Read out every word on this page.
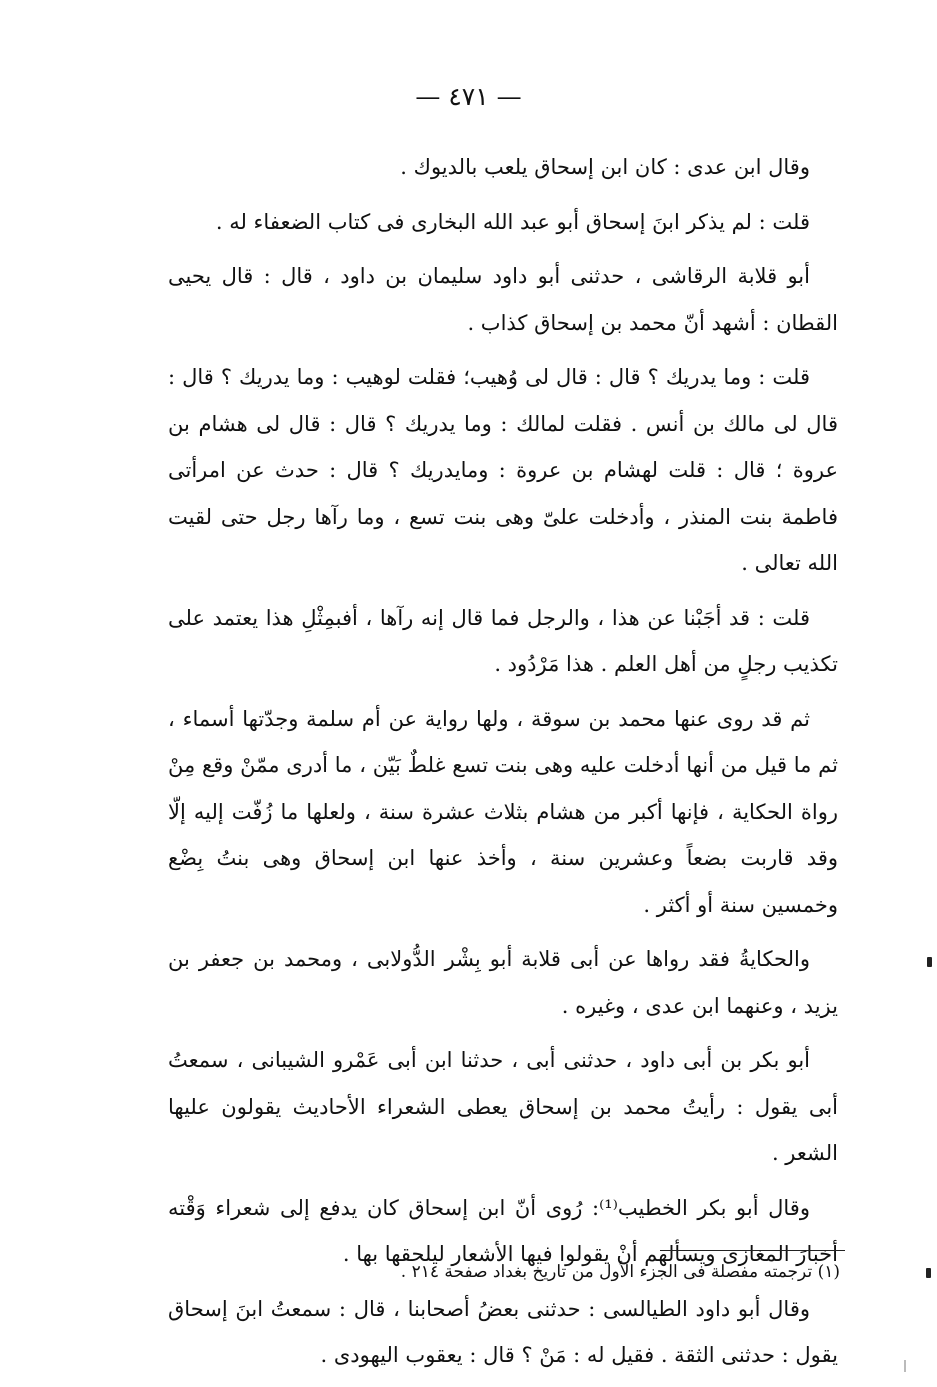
— ٤٧١ —

وقال ابن عدى : كان ابن إسحاق يلعب بالديوك .

قلت : لم يذكر ابنَ إسحاق أبو عبد الله البخارى فى كتاب الضعفاء له .

أبو قلابة الرقاشى ، حدثنى أبو داود سليمان بن داود ، قال : قال يحيى القطان : أشهد أنّ محمد بن إسحاق كذاب .

قلت : وما يدريك ؟ قال : قال لى وُهيب؛ فقلت لوهيب : وما يدريك ؟ قال : قال لى مالك بن أنس . فقلت لمالك : وما يدريك ؟ قال : قال لى هشام بن عروة ؛ قال : قلت لهشام بن عروة : ومايدريك ؟ قال : حدث عن امرأتى فاطمة بنت المنذر ، وأدخلت علىّ وهى بنت تسع ، وما رآها رجل حتى لقيت الله تعالى .

قلت : قد أجَبْنا عن هذا ، والرجل فما قال إنه رآها ، أفبمِثْلِ هذا يعتمد على تكذيب رجلٍ من أهل العلم . هذا مَرْدُود .

ثم قد روى عنها محمد بن سوقة ، ولها رواية عن أم سلمة وجدّتها أسماء ، ثم ما قيل من أنها أدخلت عليه وهى بنت تسع غلطٌ بَيّن ، ما أدرى ممّنْ وقع مِنْ رواة الحكاية ، فإنها أكبر من هشام بثلاث عشرة سنة ، ولعلها ما زُفّت إليه إلّا وقد قاربت بضعاً وعشرين سنة ، وأخذ عنها ابن إسحاق وهى بنتُ بِضْع وخمسين سنة أو أكثر .

والحكايةُ فقد رواها عن أبى قلابة أبو بِشْر الدُّولابى ، ومحمد بن جعفر بن يزيد ، وعنهما ابن عدى ، وغيره .

أبو بكر بن أبى داود ، حدثنى أبى ، حدثنا ابن أبى عَمْرو الشيبانى ، سمعتُ أبى يقول : رأيتُ محمد بن إسحاق يعطى الشعراء الأحاديث يقولون عليها الشعر .

وقال أبو بكر الخطيب⁽¹⁾: رُوى أنّ ابن إسحاق كان يدفع إلى شعراء وَقْته أخبارَ المغازى ويسألهم أنْ يقولوا فيها الأشعار ليلحقها بها .

وقال أبو داود الطيالسى : حدثنى بعضُ أصحابنا ، قال : سمعتُ ابنَ إسحاق يقول : حدثنى الثقة . فقيل له : مَنْ ؟ قال : يعقوب اليهودى .

(١) ترجمته مفصلة فى الجزء الأول من تاريخ بغداد صفحة ٢١٤ .
